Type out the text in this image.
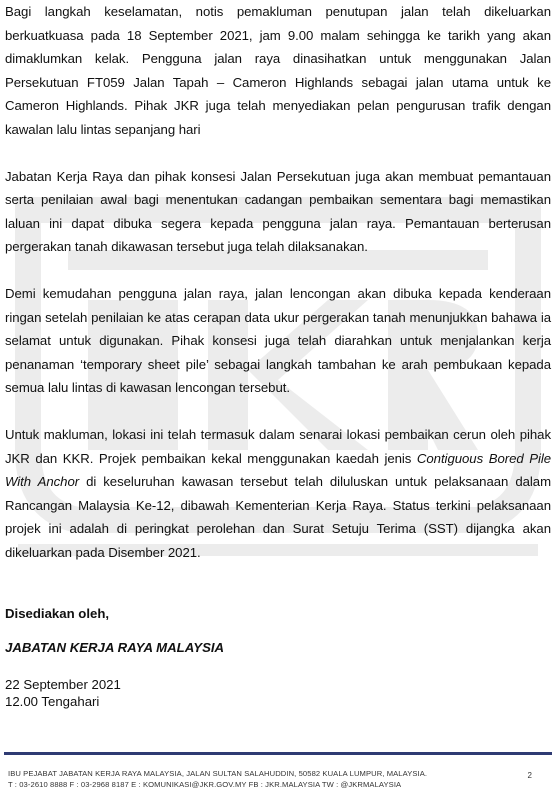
Bagi langkah keselamatan, notis pemakluman penutupan jalan telah dikeluarkan berkuatkuasa pada 18 September 2021, jam 9.00 malam sehingga ke tarikh yang akan dimaklumkan kelak. Pengguna jalan raya dinasihatkan untuk menggunakan Jalan Persekutuan FT059 Jalan Tapah – Cameron Highlands sebagai jalan utama untuk ke Cameron Highlands. Pihak JKR juga telah menyediakan pelan pengurusan trafik dengan kawalan lalu lintas sepanjang hari

Jabatan Kerja Raya dan pihak konsesi Jalan Persekutuan juga akan membuat pemantauan serta penilaian awal bagi menentukan cadangan pembaikan sementara bagi memastikan laluan ini dapat dibuka segera kepada pengguna jalan raya. Pemantauan berterusan pergerakan tanah dikawasan tersebut juga telah dilaksanakan.

Demi kemudahan pengguna jalan raya, jalan lencongan akan dibuka kepada kenderaan ringan setelah penilaian ke atas cerapan data ukur pergerakan tanah menunjukkan bahawa ia selamat untuk digunakan. Pihak konsesi juga telah diarahkan untuk menjalankan kerja penanaman ‘temporary sheet pile’ sebagai langkah tambahan ke arah pembukaan kepada semua lalu lintas di kawasan lencongan tersebut.

Untuk makluman, lokasi ini telah termasuk dalam senarai lokasi pembaikan cerun oleh pihak JKR dan KKR. Projek pembaikan kekal menggunakan kaedah jenis Contiguous Bored Pile With Anchor di keseluruhan kawasan tersebut telah diluluskan untuk pelaksanaan dalam Rancangan Malaysia Ke-12, dibawah Kementerian Kerja Raya. Status terkini pelaksanaan projek ini adalah di peringkat perolehan dan Surat Setuju Terima (SST) dijangka akan dikeluarkan pada Disember 2021.

Disediakan oleh,

JABATAN KERJA RAYA MALAYSIA

22 September 2021

12.00 Tengahari

IBU PEJABAT JABATAN KERJA RAYA MALAYSIA, JALAN SULTAN SALAHUDDIN, 50582 KUALA LUMPUR, MALAYSIA.
T : 03-2610 8888 F : 03-2968 8187 E : KOMUNIKASI@JKR.GOV.MY FB : JKR.MALAYSIA TW : @JKRMALAYSIA
2
